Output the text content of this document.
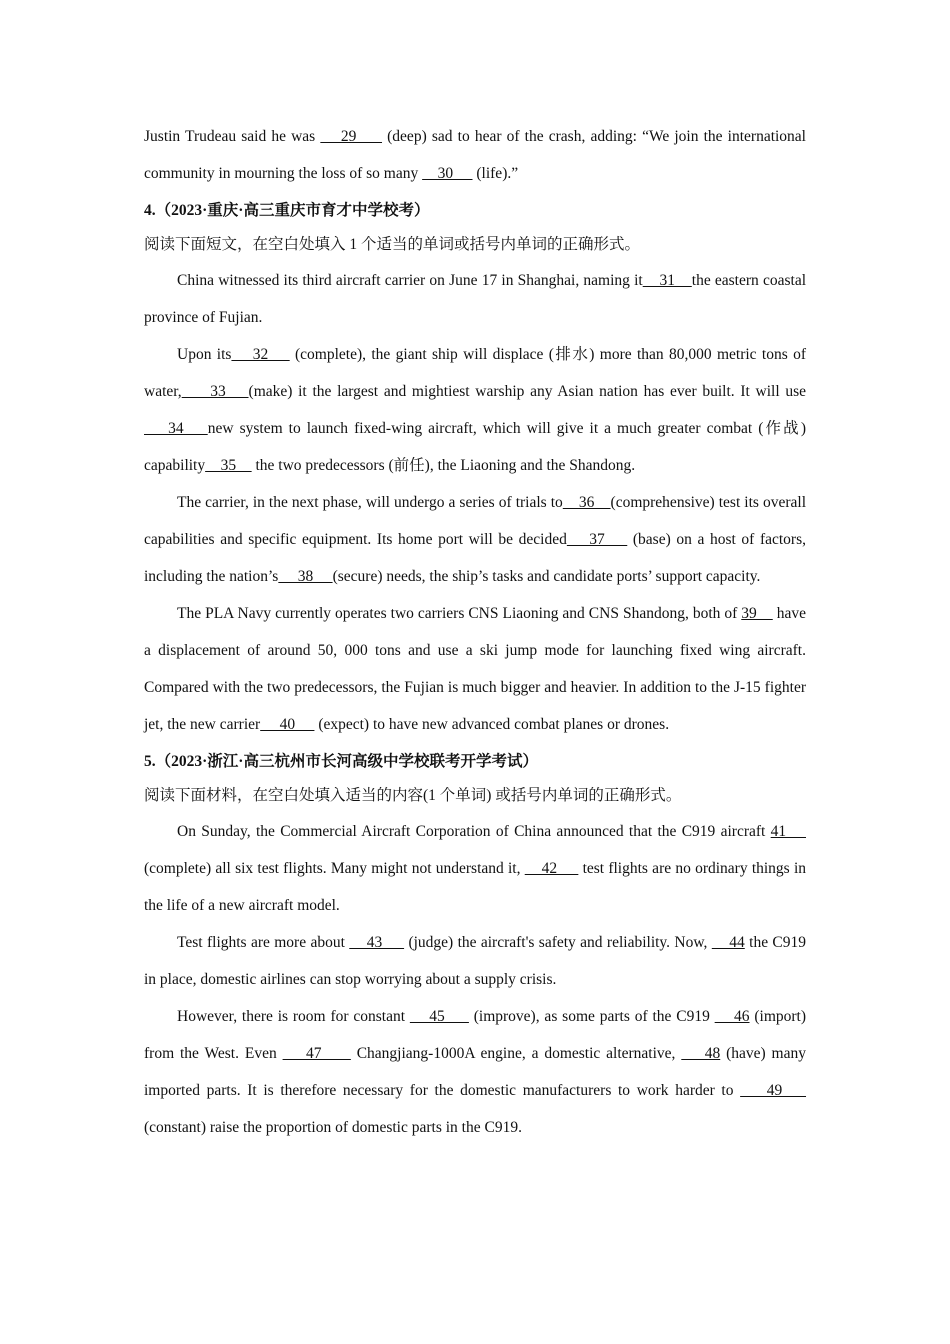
Justin Trudeau said he was     29      (deep) sad to hear of the crash, adding: “We join the international community in mourning the loss of so many     30      (life).”

4.（2023·重庆·高三重庆市育才中学校考）

阅读下面短文，在空白处填入 1 个适当的单词或括号内单词的正确形式。

China witnessed its third aircraft carrier on June 17 in Shanghai, naming it    31    the eastern coastal province of Fujian.

Upon its    32     (complete), the giant ship will displace (排水) more than 80,000 metric tons of water,     33    (make) it the largest and mightiest warship any Asian nation has ever built. It will use    34    new system to launch fixed-wing aircraft, which will give it a much greater combat (作战) capability    35     the two predecessors (前任), the Liaoning and the Shandong.

The carrier, in the next phase, will undergo a series of trials to    36    (comprehensive) test its overall capabilities and specific equipment. Its home port will be decided    37     (base) on a host of factors, including the nation’s     38     (secure) needs, the ship’s tasks and candidate ports’ support capacity.

The PLA Navy currently operates two carriers CNS Liaoning and CNS Shandong, both of 39     have a displacement of around 50, 000 tons and use a ski jump mode for launching fixed wing aircraft. Compared with the two predecessors, the Fujian is much bigger and heavier. In addition to the J-15 fighter jet, the new carrier     40      (expect) to have new advanced combat planes or drones.

5.（2023·浙江·高三杭州市长河高级中学校联考开学考试）

阅读下面材料，在空白处填入适当的内容(1 个单词) 或括号内单词的正确形式。

On Sunday, the Commercial Aircraft Corporation of China announced that the C919 aircraft 41     (complete) all six test flights. Many might not understand it,     42      test flights are no ordinary things in the life of a new aircraft model.

Test flights are more about     43      (judge) the aircraft's safety and reliability. Now,     44 the C919 in place, domestic airlines can stop worrying about a supply crisis.

However, there is room for constant     45      (improve), as some parts of the C919     46 (import) from the West. Even     47      Changjiang-1000A engine, a domestic alternative,     48 (have) many imported parts. It is therefore necessary for the domestic manufacturers to work harder to     49     (constant) raise the proportion of domestic parts in the C919.
